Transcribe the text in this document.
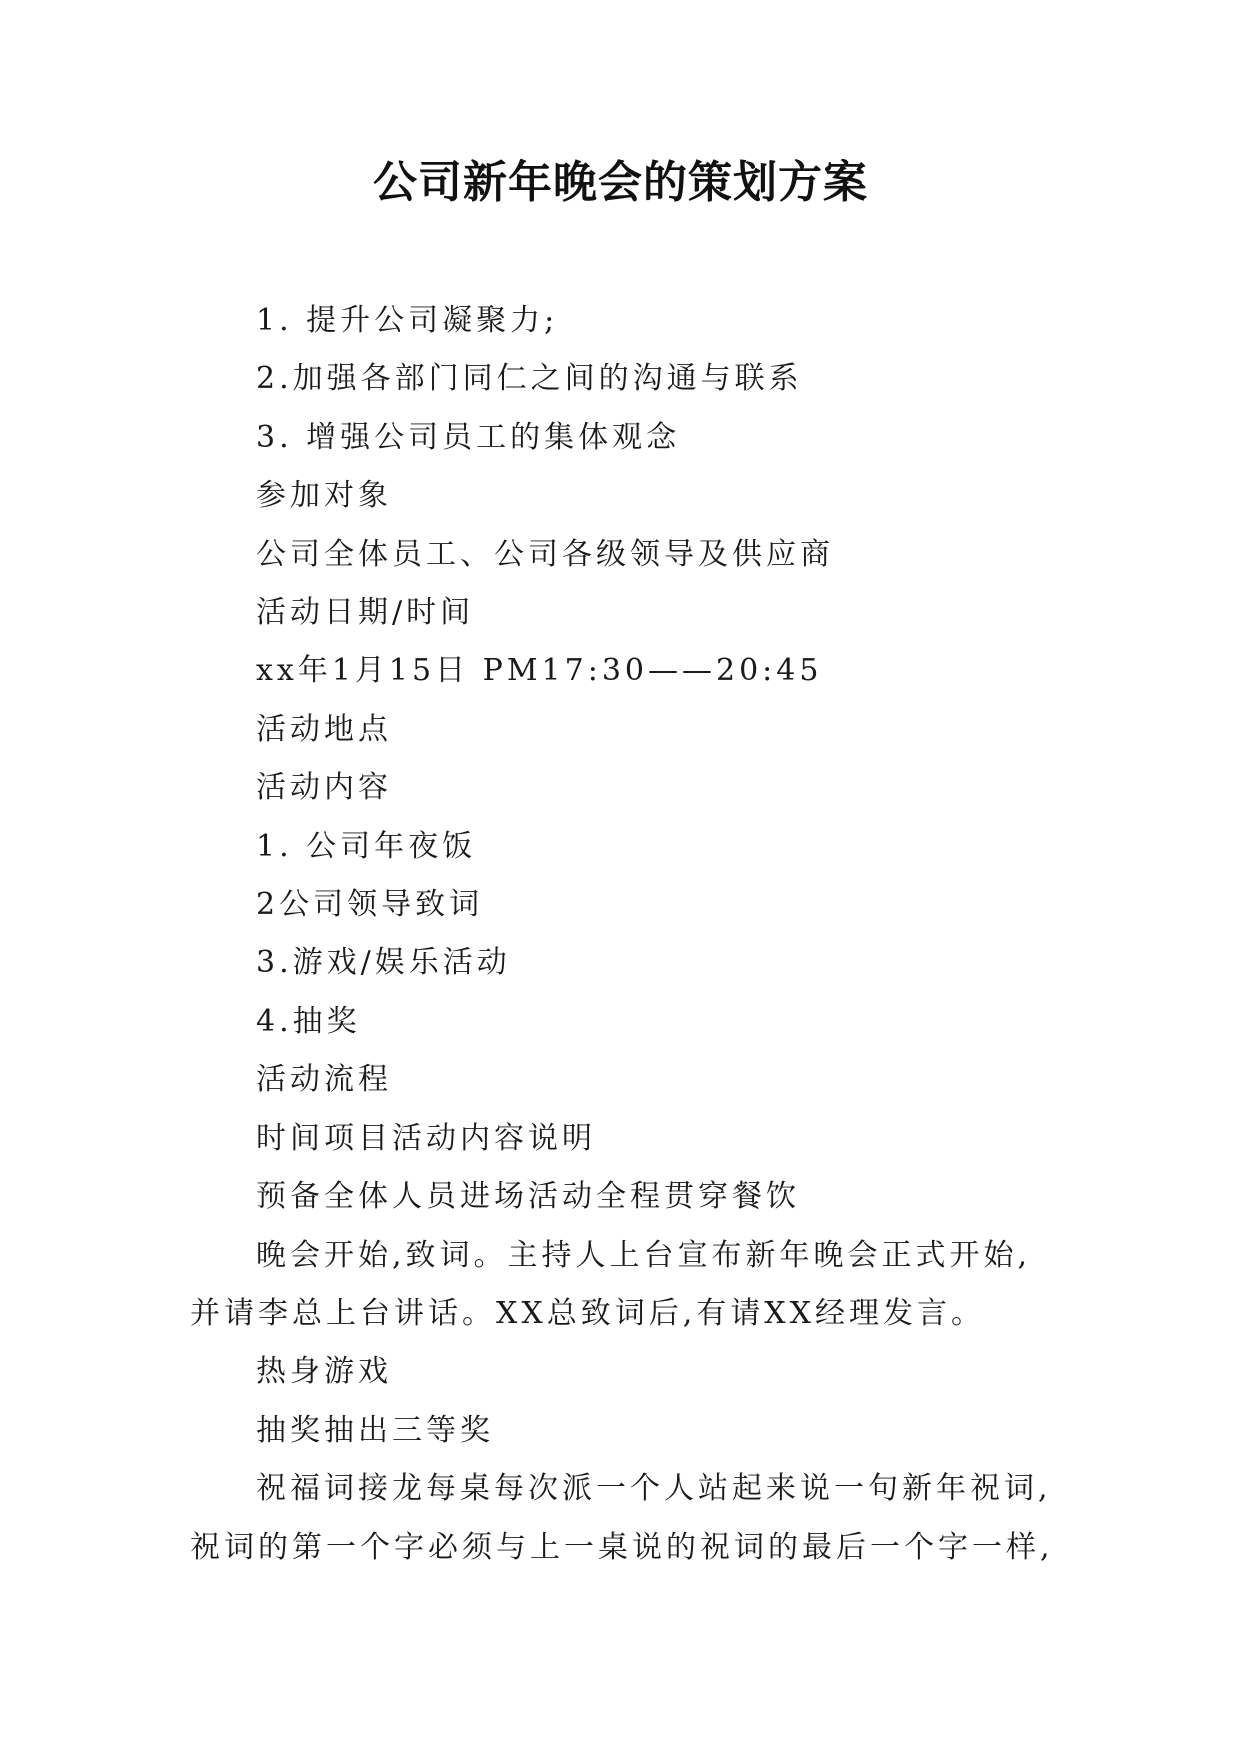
公司新年晚会的策划方案

1. 提升公司凝聚力;

2.加强各部门同仁之间的沟通与联系

3. 增强公司员工的集体观念

参加对象

公司全体员工、公司各级领导及供应商

活动日期/时间

xx年1月15日 PM17:30——20:45

活动地点

活动内容

1. 公司年夜饭

2公司领导致词

3.游戏/娱乐活动

4.抽奖

活动流程

时间项目活动内容说明

预备全体人员进场活动全程贯穿餐饮

晚会开始,致词。主持人上台宣布新年晚会正式开始,并请李总上台讲话。XX总致词后,有请XX经理发言。

热身游戏

抽奖抽出三等奖

祝福词接龙每桌每次派一个人站起来说一句新年祝词,祝词的第一个字必须与上一桌说的祝词的最后一个字一样,
